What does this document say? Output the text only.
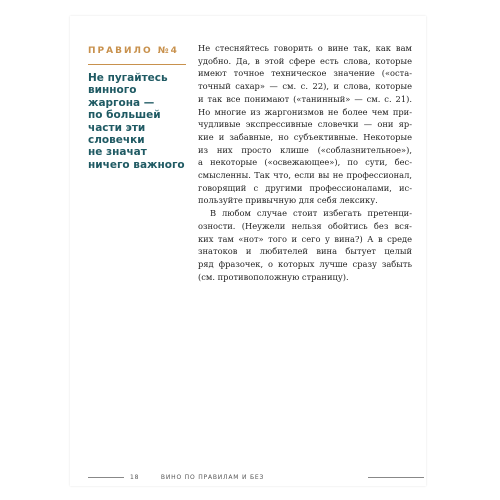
ПРАВИЛО №4
Не пугайтесь
винного
жаргона —
по большей
части эти
словечки
не значат
ничего важного
Не стесняйтесь говорить о вине так, как вам
удобно. Да, в этой сфере есть слова, которые
имеют точное техническое значение («оста-
точный сахар» — см. с. 22), и слова, которые
и так все понимают («танинный» — см. с. 21).
Но многие из жаргонизмов не более чем при-
чудливые экспрессивные словечки — они яр-
кие и забавные, но субъективные. Некоторые
из них просто клише («соблазнительное»),
а некоторые («освежающее»), по сути, бес-
смысленны. Так что, если вы не профессионал,
говорящий с другими профессионалами, ис-
пользуйте привычную для себя лексику.
В любом случае стоит избегать претенци-
озности. (Неужели нельзя обойтись без вся-
ких там «нот» того и сего у вина?) А в среде
знатоков и любителей вина бытует целый
ряд фразочек, о которых лучше сразу забыть
(см. противоположную страницу).
18	ВИНО ПО ПРАВИЛАМ И БЕЗ
